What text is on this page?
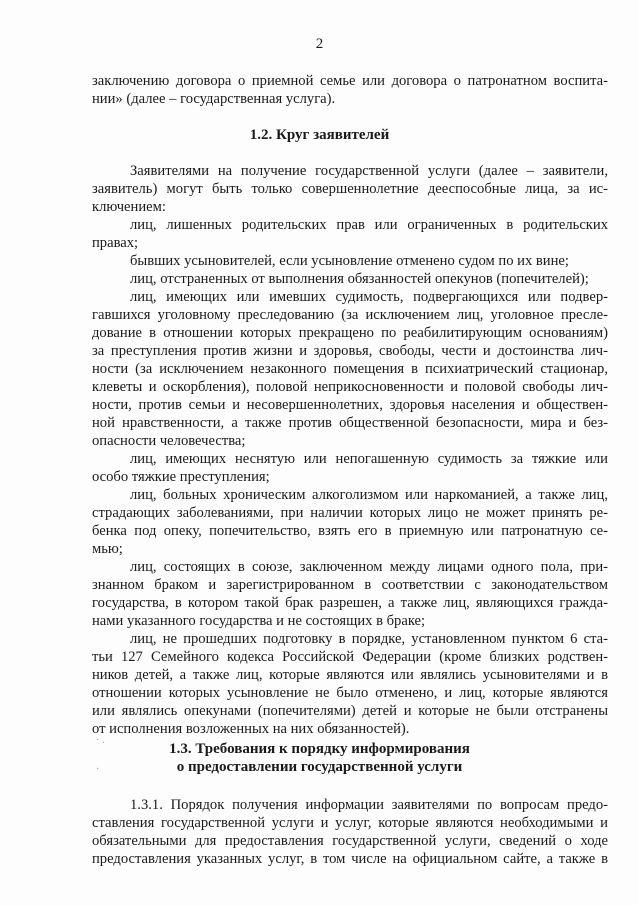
2
заключению договора о приемной семье или договора о патронатном воспита-
нии» (далее – государственная услуга).
1.2. Круг заявителей
Заявителями на получение государственной услуги (далее – заявители,
заявитель) могут быть только совершеннолетние дееспособные лица, за ис-
ключением:
лиц, лишенных родительских прав или ограниченных в родительских
правах;
бывших усыновителей, если усыновление отменено судом по их вине;
лиц, отстраненных от выполнения обязанностей опекунов (попечителей);
лиц, имеющих или имевших судимость, подвергающихся или подвер-
гавшихся уголовному преследованию (за исключением лиц, уголовное пресле-
дование в отношении которых прекращено по реабилитирующим основаниям)
за преступления против жизни и здоровья, свободы, чести и достоинства лич-
ности (за исключением незаконного помещения в психиатрический стационар,
клеветы и оскорбления), половой неприкосновенности и половой свободы лич-
ности, против семьи и несовершеннолетних, здоровья населения и обществен-
ной нравственности, а также против общественной безопасности, мира и без-
опасности человечества;
лиц, имеющих неснятую или непогашенную судимость за тяжкие или
особо тяжкие преступления;
лиц, больных хроническим алкоголизмом или наркоманией, а также лиц,
страдающих заболеваниями, при наличии которых лицо не может принять ре-
бенка под опеку, попечительство, взять его в приемную или патронатную се-
мью;
лиц, состоящих в союзе, заключенном между лицами одного пола, при-
знанном браком и зарегистрированном в соответствии с законодательством
государства, в котором такой брак разрешен, а также лиц, являющихся гражда-
нами указанного государства и не состоящих в браке;
лиц, не прошедших подготовку в порядке, установленном пунктом 6 ста-
тьи 127 Семейного кодекса Российской Федерации (кроме близких родствен-
ников детей, а также лиц, которые являются или являлись усыновителями и в
отношении которых усыновление не было отменено, и лиц, которые являются
или являлись опекунами (попечителями) детей и которые не были отстранены
от исполнения возложенных на них обязанностей).
˙ ·
·
1.3. Требования к порядку информирования
о предоставлении государственной услуги
1.3.1. Порядок получения информации заявителями по вопросам предо-
ставления государственной услуги и услуг, которые являются необходимыми и
обязательными для предоставления государственной услуги, сведений о ходе
предоставления указанных услуг, в том числе на официальном сайте, а также в
